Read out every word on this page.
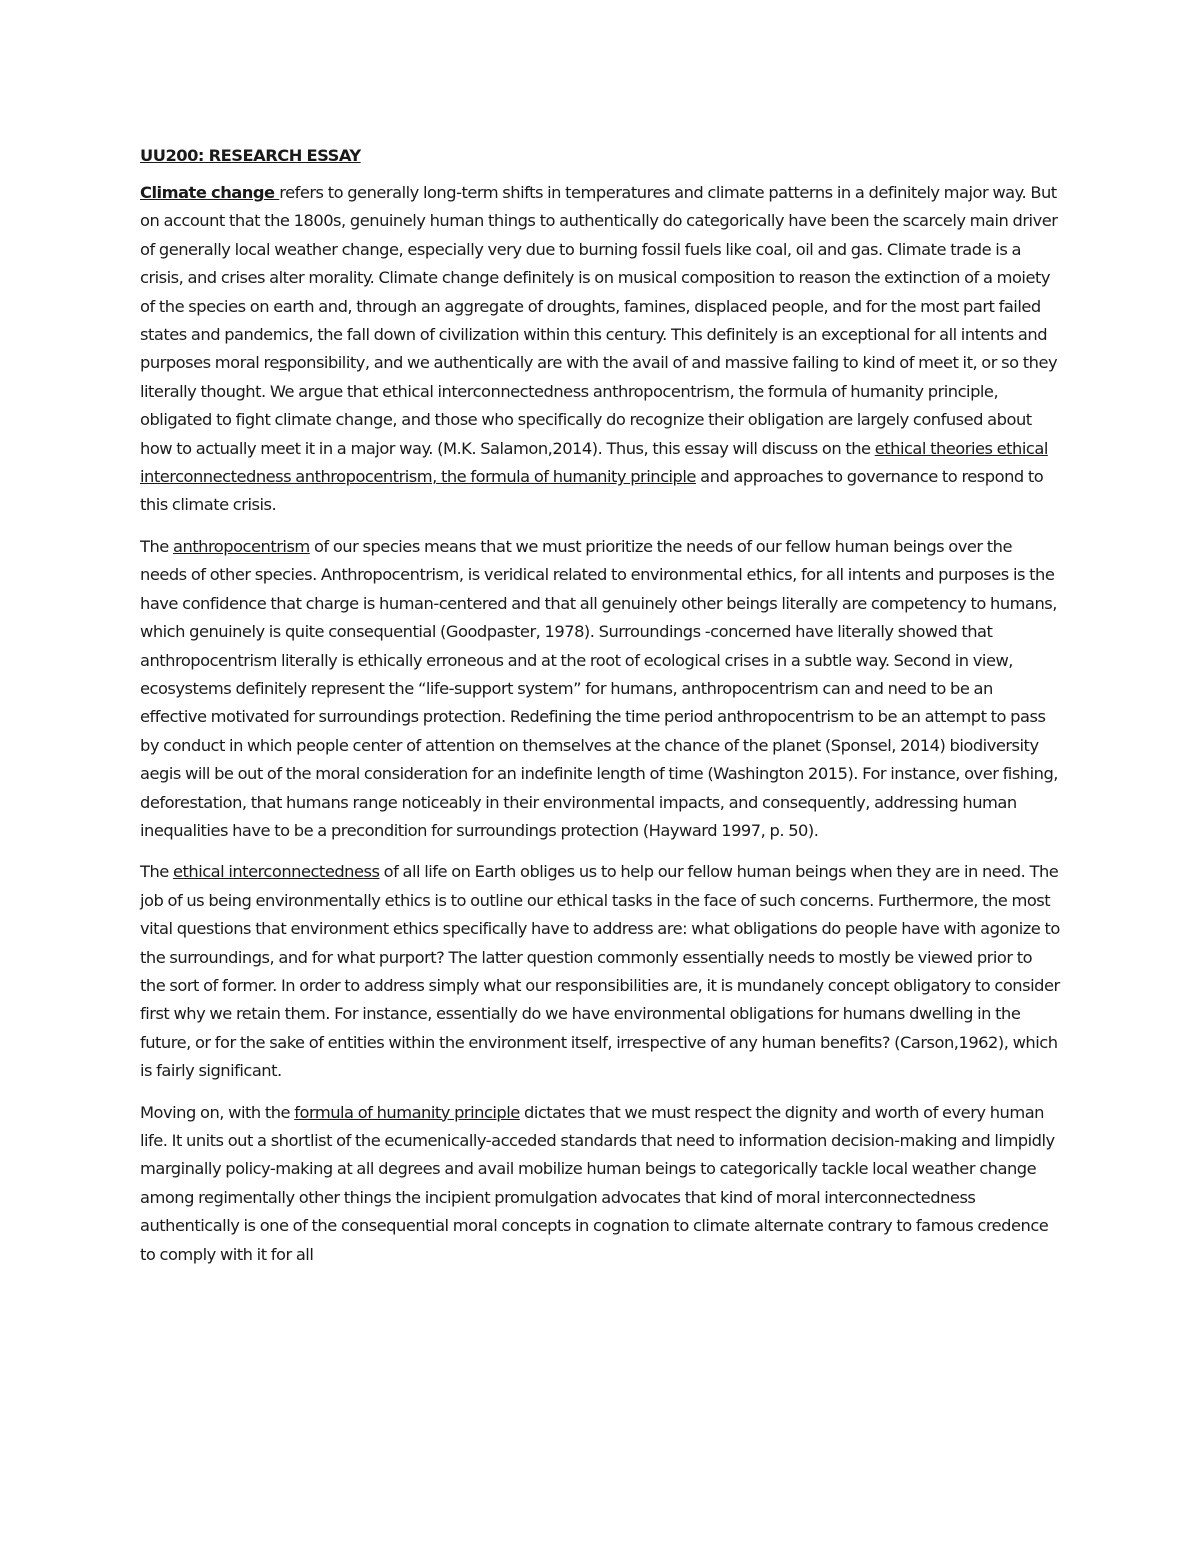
UU200: RESEARCH ESSAY

Climate change refers to generally long-term shifts in temperatures and climate patterns in a definitely major way. But on account that the 1800s, genuinely human things to authentically do categorically have been the scarcely main driver of generally local weather change, especially very due to burning fossil fuels like coal, oil and gas. Climate trade is a crisis, and crises alter morality. Climate change definitely is on musical composition to reason the extinction of a moiety of the species on earth and, through an aggregate of droughts, famines, displaced people, and for the most part failed states and pandemics, the fall down of civilization within this century. This definitely is an exceptional for all intents and purposes moral responsibility, and we authentically are with the avail of and massive failing to kind of meet it, or so they literally thought. We argue that ethical interconnectedness anthropocentrism, the formula of humanity principle, obligated to fight climate change, and those who specifically do recognize their obligation are largely confused about how to actually meet it in a major way. (M.K. Salamon,2014). Thus, this essay will discuss on the ethical theories ethical interconnectedness anthropocentrism, the formula of humanity principle and approaches to governance to respond to this climate crisis.

The anthropocentrism of our species means that we must prioritize the needs of our fellow human beings over the needs of other species. Anthropocentrism, is veridical related to environmental ethics, for all intents and purposes is the have confidence that charge is human-centered and that all genuinely other beings literally are competency to humans, which genuinely is quite consequential (Goodpaster, 1978). Surroundings -concerned have literally showed that anthropocentrism literally is ethically erroneous and at the root of ecological crises in a subtle way. Second in view, ecosystems definitely represent the “life-support system” for humans, anthropocentrism can and need to be an effective motivated for surroundings protection. Redefining the time period anthropocentrism to be an attempt to pass by conduct in which people center of attention on themselves at the chance of the planet (Sponsel, 2014) biodiversity aegis will be out of the moral consideration for an indefinite length of time (Washington 2015). For instance, over fishing, deforestation, that humans range noticeably in their environmental impacts, and consequently, addressing human inequalities have to be a precondition for surroundings protection (Hayward 1997, p. 50).

The ethical interconnectedness of all life on Earth obliges us to help our fellow human beings when they are in need. The job of us being environmentally ethics is to outline our ethical tasks in the face of such concerns. Furthermore, the most vital questions that environment ethics specifically have to address are: what obligations do people have with agonize to the surroundings, and for what purport? The latter question commonly essentially needs to mostly be viewed prior to the sort of former. In order to address simply what our responsibilities are, it is mundanely concept obligatory to consider first why we retain them. For instance, essentially do we have environmental obligations for humans dwelling in the future, or for the sake of entities within the environment itself, irrespective of any human benefits? (Carson,1962), which is fairly significant.

Moving on, with the formula of humanity principle dictates that we must respect the dignity and worth of every human life. It units out a shortlist of the ecumenically-acceded standards that need to information decision-making and limpidly marginally policy-making at all degrees and avail mobilize human beings to categorically tackle local weather change among regimentally other things the incipient promulgation advocates that kind of moral interconnectedness authentically is one of the consequential moral concepts in cognation to climate alternate contrary to famous credence to comply with it for all
